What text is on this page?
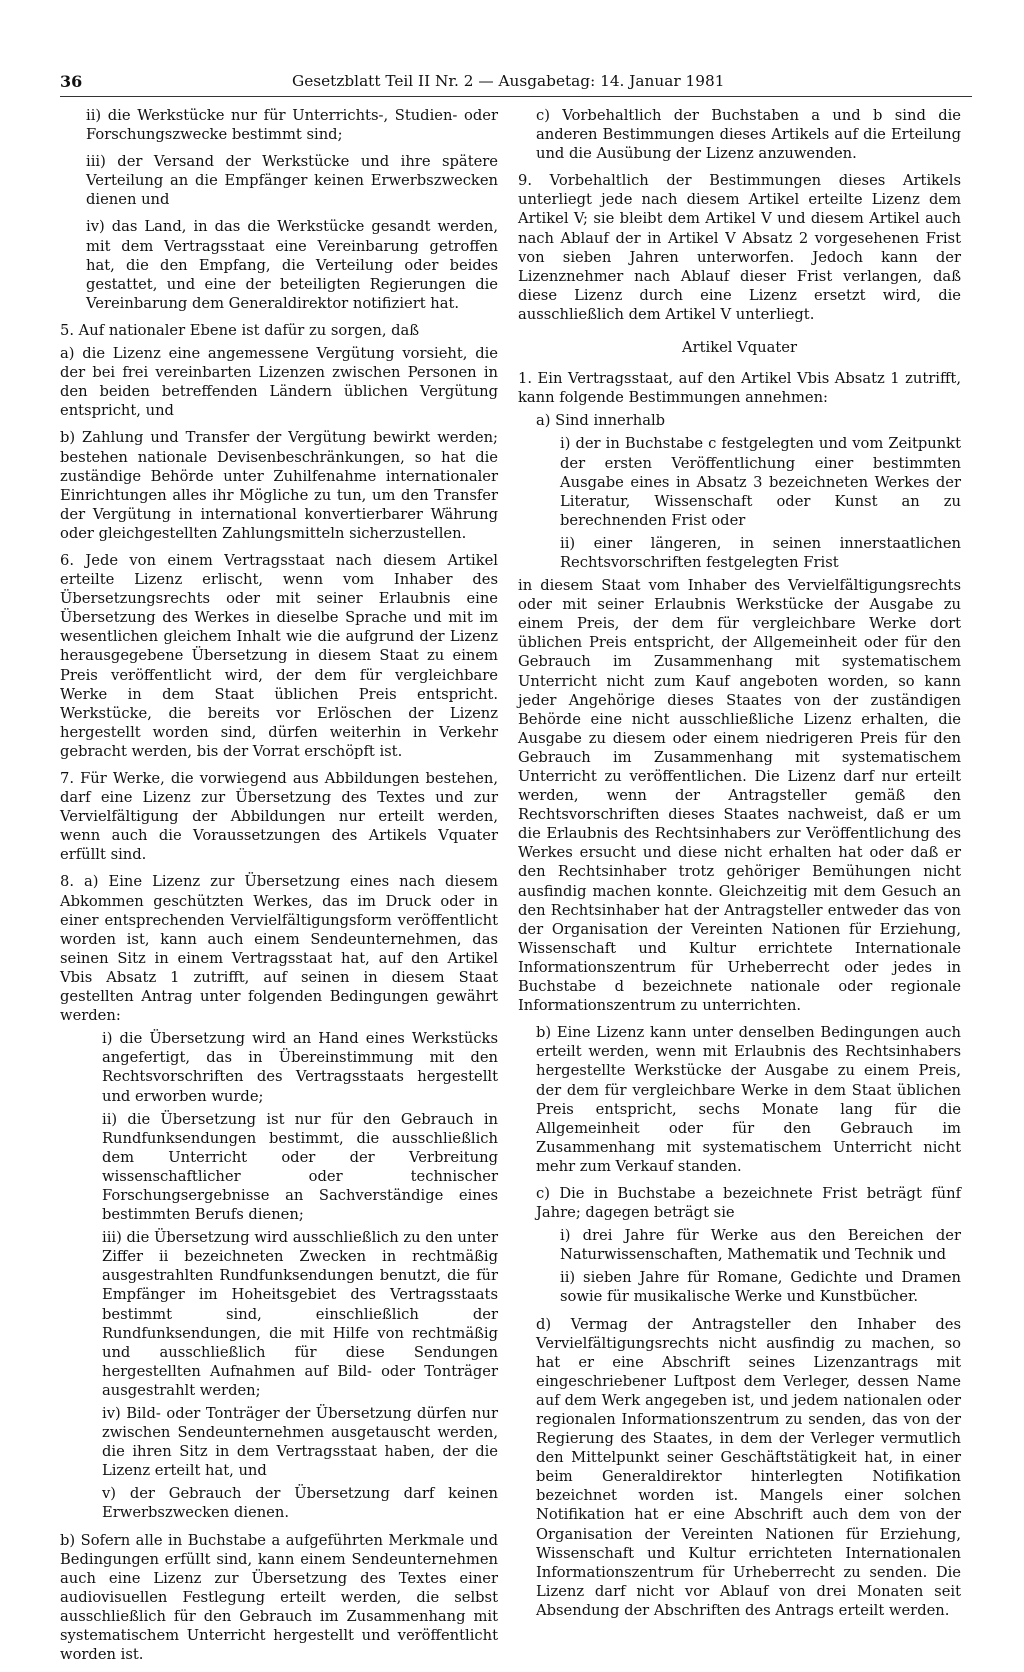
36	Gesetzblatt Teil II Nr. 2 — Ausgabetag: 14. Januar 1981

ii) die Werkstücke nur für Unterrichts-, Studien- oder Forschungszwecke bestimmt sind;

iii) der Versand der Werkstücke und ihre spätere Verteilung an die Empfänger keinen Erwerbszwecken dienen und

iv) das Land, in das die Werkstücke gesandt werden, mit dem Vertragsstaat eine Vereinbarung getroffen hat, die den Empfang, die Verteilung oder beides gestattet, und eine der beteiligten Regierungen die Vereinbarung dem Generaldirektor notifiziert hat.

5. Auf nationaler Ebene ist dafür zu sorgen, daß

a) die Lizenz eine angemessene Vergütung vorsieht, die der bei frei vereinbarten Lizenzen zwischen Personen in den beiden betreffenden Ländern üblichen Vergütung entspricht, und

b) Zahlung und Transfer der Vergütung bewirkt werden; bestehen nationale Devisenbeschränkungen, so hat die zuständige Behörde unter Zuhilfenahme internationaler Einrichtungen alles ihr Mögliche zu tun, um den Transfer der Vergütung in international konvertierbarer Währung oder gleichgestellten Zahlungsmitteln sicherzustellen.

6. Jede von einem Vertragsstaat nach diesem Artikel erteilte Lizenz erlischt, wenn vom Inhaber des Übersetzungsrechts oder mit seiner Erlaubnis eine Übersetzung des Werkes in dieselbe Sprache und mit im wesentlichen gleichem Inhalt wie die aufgrund der Lizenz herausgegebene Übersetzung in diesem Staat zu einem Preis veröffentlicht wird, der dem für vergleichbare Werke in dem Staat üblichen Preis entspricht. Werkstücke, die bereits vor Erlöschen der Lizenz hergestellt worden sind, dürfen weiterhin in Verkehr gebracht werden, bis der Vorrat erschöpft ist.

7. Für Werke, die vorwiegend aus Abbildungen bestehen, darf eine Lizenz zur Übersetzung des Textes und zur Vervielfältigung der Abbildungen nur erteilt werden, wenn auch die Voraussetzungen des Artikels Vquater erfüllt sind.

8. a) Eine Lizenz zur Übersetzung eines nach diesem Abkommen geschützten Werkes, das im Druck oder in einer entsprechenden Vervielfältigungsform veröffentlicht worden ist, kann auch einem Sendeunternehmen, das seinen Sitz in einem Vertragsstaat hat, auf den Artikel Vbis Absatz 1 zutrifft, auf seinen in diesem Staat gestellten Antrag unter folgenden Bedingungen gewährt werden:

i) die Übersetzung wird an Hand eines Werkstücks angefertigt, das in Übereinstimmung mit den Rechtsvorschriften des Vertragsstaats hergestellt und erworben wurde;

ii) die Übersetzung ist nur für den Gebrauch in Rundfunksendungen bestimmt, die ausschließlich dem Unterricht oder der Verbreitung wissenschaftlicher oder technischer Forschungsergebnisse an Sachverständige eines bestimmten Berufs dienen;

iii) die Übersetzung wird ausschließlich zu den unter Ziffer ii bezeichneten Zwecken in rechtmäßig ausgestrahlten Rundfunksendungen benutzt, die für Empfänger im Hoheitsgebiet des Vertragsstaats bestimmt sind, einschließlich der Rundfunksendungen, die mit Hilfe von rechtmäßig und ausschließlich für diese Sendungen hergestellten Aufnahmen auf Bild- oder Tonträger ausgestrahlt werden;

iv) Bild- oder Tonträger der Übersetzung dürfen nur zwischen Sendeunternehmen ausgetauscht werden, die ihren Sitz in dem Vertragsstaat haben, der die Lizenz erteilt hat, und

v) der Gebrauch der Übersetzung darf keinen Erwerbszwecken dienen.

b) Sofern alle in Buchstabe a aufgeführten Merkmale und Bedingungen erfüllt sind, kann einem Sendeunternehmen auch eine Lizenz zur Übersetzung des Textes einer audiovisuellen Festlegung erteilt werden, die selbst ausschließlich für den Gebrauch im Zusammenhang mit systematischem Unterricht hergestellt und veröffentlicht worden ist.

c) Vorbehaltlich der Buchstaben a und b sind die anderen Bestimmungen dieses Artikels auf die Erteilung und die Ausübung der Lizenz anzuwenden.

9. Vorbehaltlich der Bestimmungen dieses Artikels unterliegt jede nach diesem Artikel erteilte Lizenz dem Artikel V; sie bleibt dem Artikel V und diesem Artikel auch nach Ablauf der in Artikel V Absatz 2 vorgesehenen Frist von sieben Jahren unterworfen. Jedoch kann der Lizenznehmer nach Ablauf dieser Frist verlangen, daß diese Lizenz durch eine Lizenz ersetzt wird, die ausschließlich dem Artikel V unterliegt.

Artikel Vquater

1. Ein Vertragsstaat, auf den Artikel Vbis Absatz 1 zutrifft, kann folgende Bestimmungen annehmen:

a) Sind innerhalb

i) der in Buchstabe c festgelegten und vom Zeitpunkt der ersten Veröffentlichung einer bestimmten Ausgabe eines in Absatz 3 bezeichneten Werkes der Literatur, Wissenschaft oder Kunst an zu berechnenden Frist oder

ii) einer längeren, in seinen innerstaatlichen Rechtsvorschriften festgelegten Frist

in diesem Staat vom Inhaber des Vervielfältigungsrechts oder mit seiner Erlaubnis Werkstücke der Ausgabe zu einem Preis, der dem für vergleichbare Werke dort üblichen Preis entspricht, der Allgemeinheit oder für den Gebrauch im Zusammenhang mit systematischem Unterricht nicht zum Kauf angeboten worden, so kann jeder Angehörige dieses Staates von der zuständigen Behörde eine nicht ausschließliche Lizenz erhalten, die Ausgabe zu diesem oder einem niedrigeren Preis für den Gebrauch im Zusammenhang mit systematischem Unterricht zu veröffentlichen. Die Lizenz darf nur erteilt werden, wenn der Antragsteller gemäß den Rechtsvorschriften dieses Staates nachweist, daß er um die Erlaubnis des Rechtsinhabers zur Veröffentlichung des Werkes ersucht und diese nicht erhalten hat oder daß er den Rechtsinhaber trotz gehöriger Bemühungen nicht ausfindig machen konnte. Gleichzeitig mit dem Gesuch an den Rechtsinhaber hat der Antragsteller entweder das von der Organisation der Vereinten Nationen für Erziehung, Wissenschaft und Kultur errichtete Internationale Informationszentrum für Urheberrecht oder jedes in Buchstabe d bezeichnete nationale oder regionale Informationszentrum zu unterrichten.

b) Eine Lizenz kann unter denselben Bedingungen auch erteilt werden, wenn mit Erlaubnis des Rechtsinhabers hergestellte Werkstücke der Ausgabe zu einem Preis, der dem für vergleichbare Werke in dem Staat üblichen Preis entspricht, sechs Monate lang für die Allgemeinheit oder für den Gebrauch im Zusammenhang mit systematischem Unterricht nicht mehr zum Verkauf standen.

c) Die in Buchstabe a bezeichnete Frist beträgt fünf Jahre; dagegen beträgt sie

i) drei Jahre für Werke aus den Bereichen der Naturwissenschaften, Mathematik und Technik und

ii) sieben Jahre für Romane, Gedichte und Dramen sowie für musikalische Werke und Kunstbücher.

d) Vermag der Antragsteller den Inhaber des Vervielfältigungsrechts nicht ausfindig zu machen, so hat er eine Abschrift seines Lizenzantrags mit eingeschriebener Luftpost dem Verleger, dessen Name auf dem Werk angegeben ist, und jedem nationalen oder regionalen Informationszentrum zu senden, das von der Regierung des Staates, in dem der Verleger vermutlich den Mittelpunkt seiner Geschäftstätigkeit hat, in einer beim Generaldirektor hinterlegten Notifikation bezeichnet worden ist. Mangels einer solchen Notifikation hat er eine Abschrift auch dem von der Organisation der Vereinten Nationen für Erziehung, Wissenschaft und Kultur errichteten Internationalen Informationszentrum für Urheberrecht zu senden. Die Lizenz darf nicht vor Ablauf von drei Monaten seit Absendung der Abschriften des Antrags erteilt werden.
